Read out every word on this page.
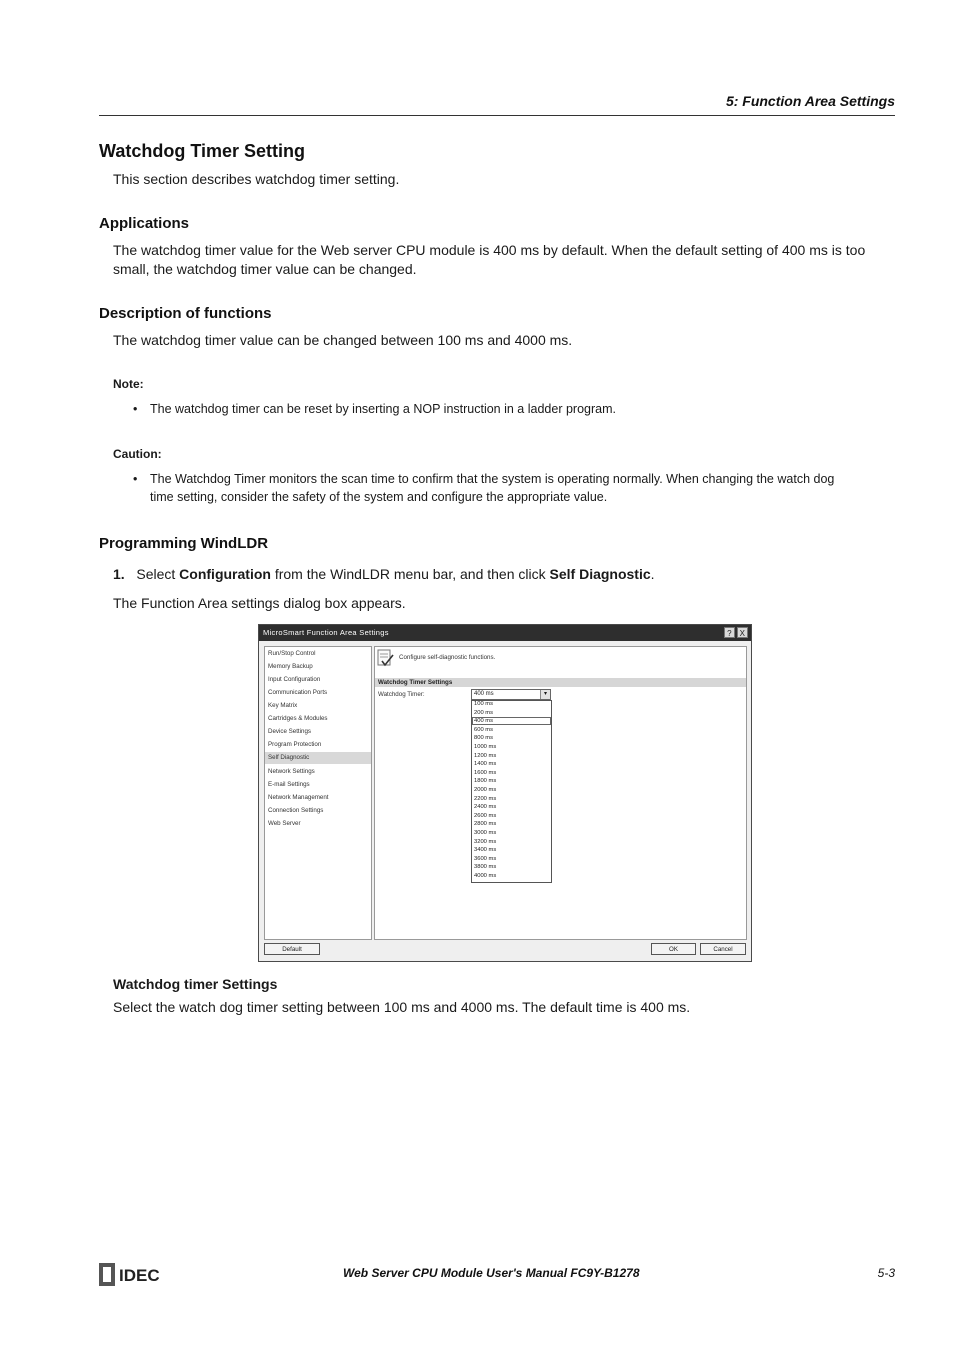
5: Function Area Settings
Watchdog Timer Setting
This section describes watchdog timer setting.
Applications
The watchdog timer value for the Web server CPU module is 400 ms by default. When the default setting of 400 ms is too
small, the watchdog timer value can be changed.
Description of functions
The watchdog timer value can be changed between 100 ms and 4000 ms.
Note:
•	The watchdog timer can be reset by inserting a NOP instruction in a ladder program.
Caution:
•	The Watchdog Timer monitors the scan time to confirm that the system is operating normally. When changing the watch dog
time setting, consider the safety of the system and configure the appropriate value.
Programming WindLDR
1. Select Configuration from the WindLDR menu bar, and then click Self Diagnostic.
The Function Area settings dialog box appears.
MicroSmart Function Area Settings	? X
Run/Stop Control
Memory Backup
Input Configuration
Communication Ports
Key Matrix
Cartridges & Modules
Device Settings
Program Protection
Self Diagnostic
Network Settings
E-mail Settings
Network Management
Connection Settings
Web Server
Configure self-diagnostic functions.
Watchdog Timer Settings
Watchdog Timer:	400 ms	▾
100 ms
200 ms
400 ms
600 ms
800 ms
1000 ms
1200 ms
1400 ms
1600 ms
1800 ms
2000 ms
2200 ms
2400 ms
2600 ms
2800 ms
3000 ms
3200 ms
3400 ms
3600 ms
3800 ms
4000 ms
Default	OK	Cancel
Watchdog timer Settings
Select the watch dog timer setting between 100 ms and 4000 ms. The default time is 400 ms.
IDEC	Web Server CPU Module User's Manual FC9Y-B1278	5-3
